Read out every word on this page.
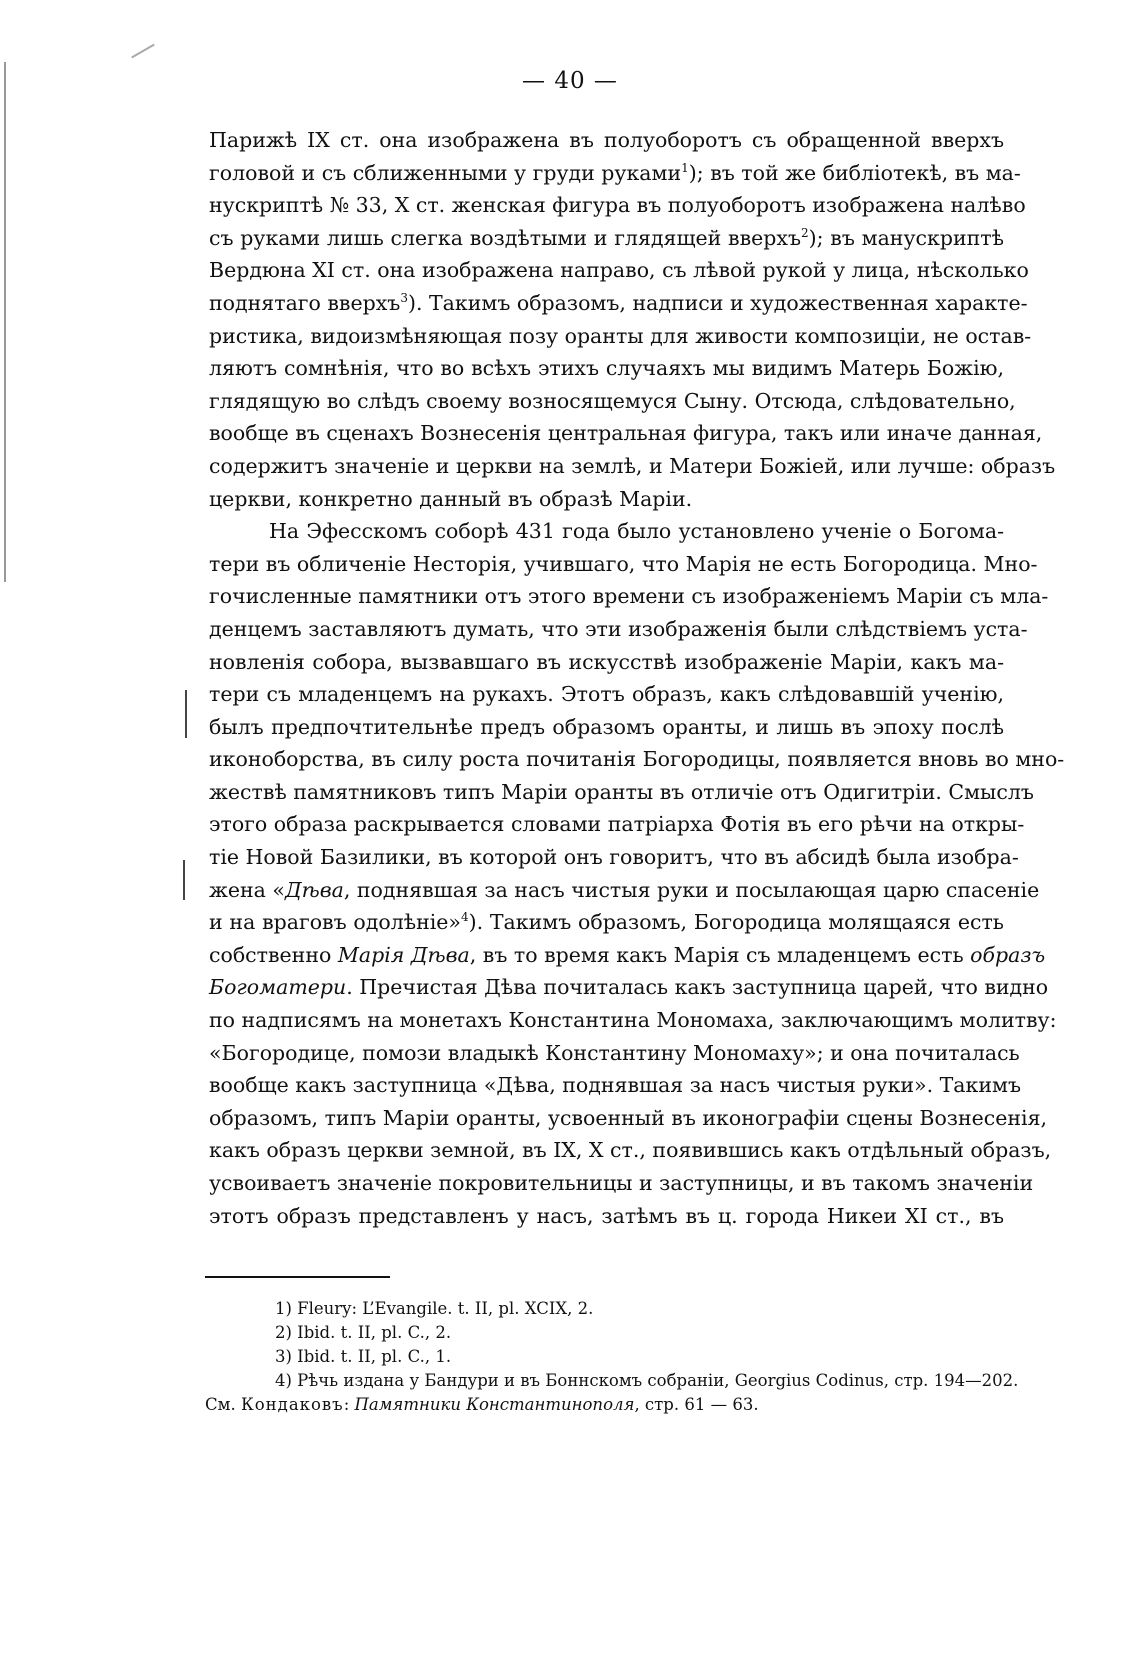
— 40 —
Парижѣ IX ст. она изображена въ полуоборотъ съ обращенной вверхъ
головой и съ сближенными у груди руками$^1$); въ той же библіотекѣ, въ ма-
нускриптѣ № 33, X ст. женская фигура въ полуоборотъ изображена налѣво
съ руками лишь слегка воздѣтыми и глядящей вверхъ$^2$); въ манускриптѣ
Вердюна XI ст. она изображена направо, съ лѣвой рукой у лица, нѣсколько
поднятаго вверхъ$^3$). Такимъ образомъ, надписи и художественная характе-
ристика, видоизмѣняющая позу оранты для живости композиціи, не остав-
ляютъ сомнѣнія, что во всѣхъ этихъ случаяхъ мы видимъ Матерь Божію,
глядящую во слѣдъ своему возносящемуся Сыну. Отсюда, слѣдовательно,
вообще въ сценахъ Вознесенія центральная фигура, такъ или иначе данная,
содержитъ значеніе и церкви на землѣ, и Матери Божіей, или лучше: образъ
церкви, конкретно данный въ образѣ Маріи.
На Эфесскомъ соборѣ 431 года было установлено ученіе о Богома-
тери въ обличеніе Несторія, учившаго, что Марія не есть Богородица. Мно-
гочисленные памятники отъ этого времени съ изображеніемъ Маріи съ мла-
денцемъ заставляютъ думать, что эти изображенія были слѣдствіемъ уста-
новленія собора, вызвавшаго въ искусствѣ изображеніе Маріи, какъ ма-
тери съ младенцемъ на рукахъ. Этотъ образъ, какъ слѣдовавшій ученію,
былъ предпочтительнѣе предъ образомъ оранты, и лишь въ эпоху послѣ
иконоборства, въ силу роста почитанія Богородицы, появляется вновь во мно-
жествѣ памятниковъ типъ Маріи оранты въ отличіе отъ Одигитріи. Смыслъ
этого образа раскрывается словами патріарха Фотія въ его рѣчи на откры-
тіе Новой Базилики, въ которой онъ говоритъ, что въ абсидѣ была изобра-
жена «Дѣва, поднявшая за насъ чистыя руки и посылающая царю спасеніе
и на враговъ одолѣніе»$^4$). Такимъ образомъ, Богородица молящаяся есть
собственно Марія Дѣва, въ то время какъ Марія съ младенцемъ есть образъ
Богоматери. Пречистая Дѣва почиталась какъ заступница царей, что видно
по надписямъ на монетахъ Константина Мономаха, заключающимъ молитву:
«Богородице, помози владыкѣ Константину Мономаху»; и она почиталась
вообще какъ заступница «Дѣва, поднявшая за насъ чистыя руки». Такимъ
образомъ, типъ Маріи оранты, усвоенный въ иконографіи сцены Вознесенія,
какъ образъ церкви земной, въ IX, X ст., появившись какъ отдѣльный образъ,
усвоиваетъ значеніе покровительницы и заступницы, и въ такомъ значеніи
этотъ образъ представленъ у насъ, затѣмъ въ ц. города Никеи XI ст., въ
1) Fleury: L’Evangile. t. II, pl. XCIX, 2.
2) Ibid. t. II, pl. C., 2.
3) Ibid. t. II, pl. C., 1.
4) Рѣчь издана у Бандури и въ Боннскомъ собраніи, Georgius Codinus, стр. 194—202.
См. Кондаковъ: Памятники Константинополя, стр. 61 — 63.
